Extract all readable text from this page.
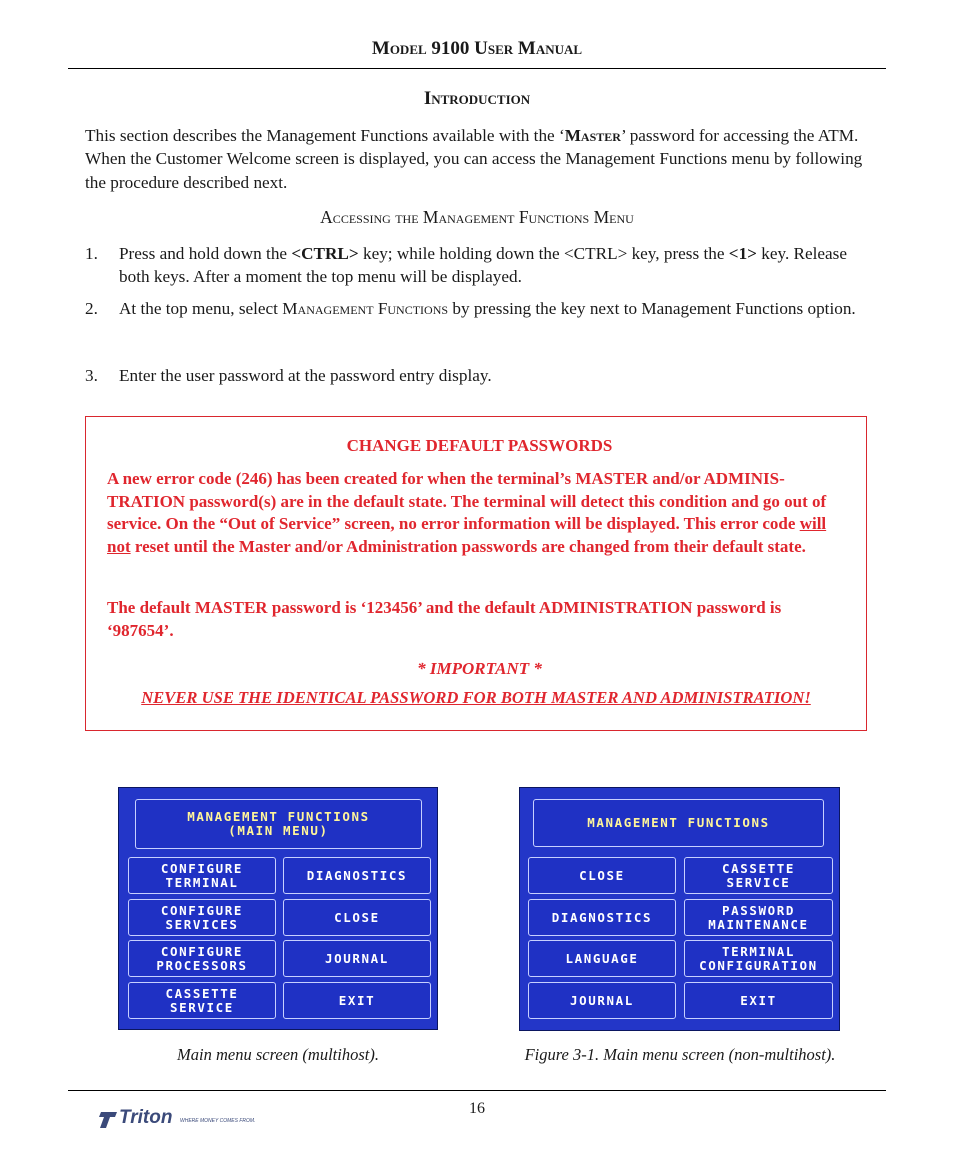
Model 9100 User Manual
Introduction
This section describes the Management Functions available with the ‘Master’ password for accessing the ATM. When the Customer Welcome screen is displayed, you can access the Management Functions menu by following the procedure described next.
Accessing the Management Functions Menu
1.	Press and hold down the <CTRL> key; while holding down the <CTRL> key, press the <1> key. Release both keys. After a moment the top menu will be displayed.
2.	At the top menu, select Management Functions by pressing the key next to Management Functions option.
3.	Enter the user password at the password entry display.
CHANGE DEFAULT PASSWORDS
A new error code (246) has been created for when the terminal’s MASTER and/or ADMINIS-TRATION password(s) are in the default state. The terminal will detect this condition and go out of service. On the “Out of Service” screen, no error information will be displayed. This error code will not reset until the Master and/or Administration passwords are changed from their default state.
The default MASTER password is ‘123456’ and the default ADMINISTRATION password is ‘987654’.
* IMPORTANT *
NEVER USE THE IDENTICAL PASSWORD FOR BOTH MASTER AND ADMINISTRATION!
MANAGEMENT FUNCTIONS
(MAIN MENU)
CONFIGURE
TERMINAL
CONFIGURE
SERVICES
CONFIGURE
PROCESSORS
CASSETTE
SERVICE
DIAGNOSTICS
CLOSE
JOURNAL
EXIT
MANAGEMENT FUNCTIONS
CLOSE
DIAGNOSTICS
LANGUAGE
JOURNAL
CASSETTE
SERVICE
PASSWORD
MAINTENANCE
TERMINAL
CONFIGURATION
EXIT
Main menu screen (multihost).	Figure 3-1. Main menu screen (non-multihost).
16
Triton WHERE MONEY COMES FROM.
